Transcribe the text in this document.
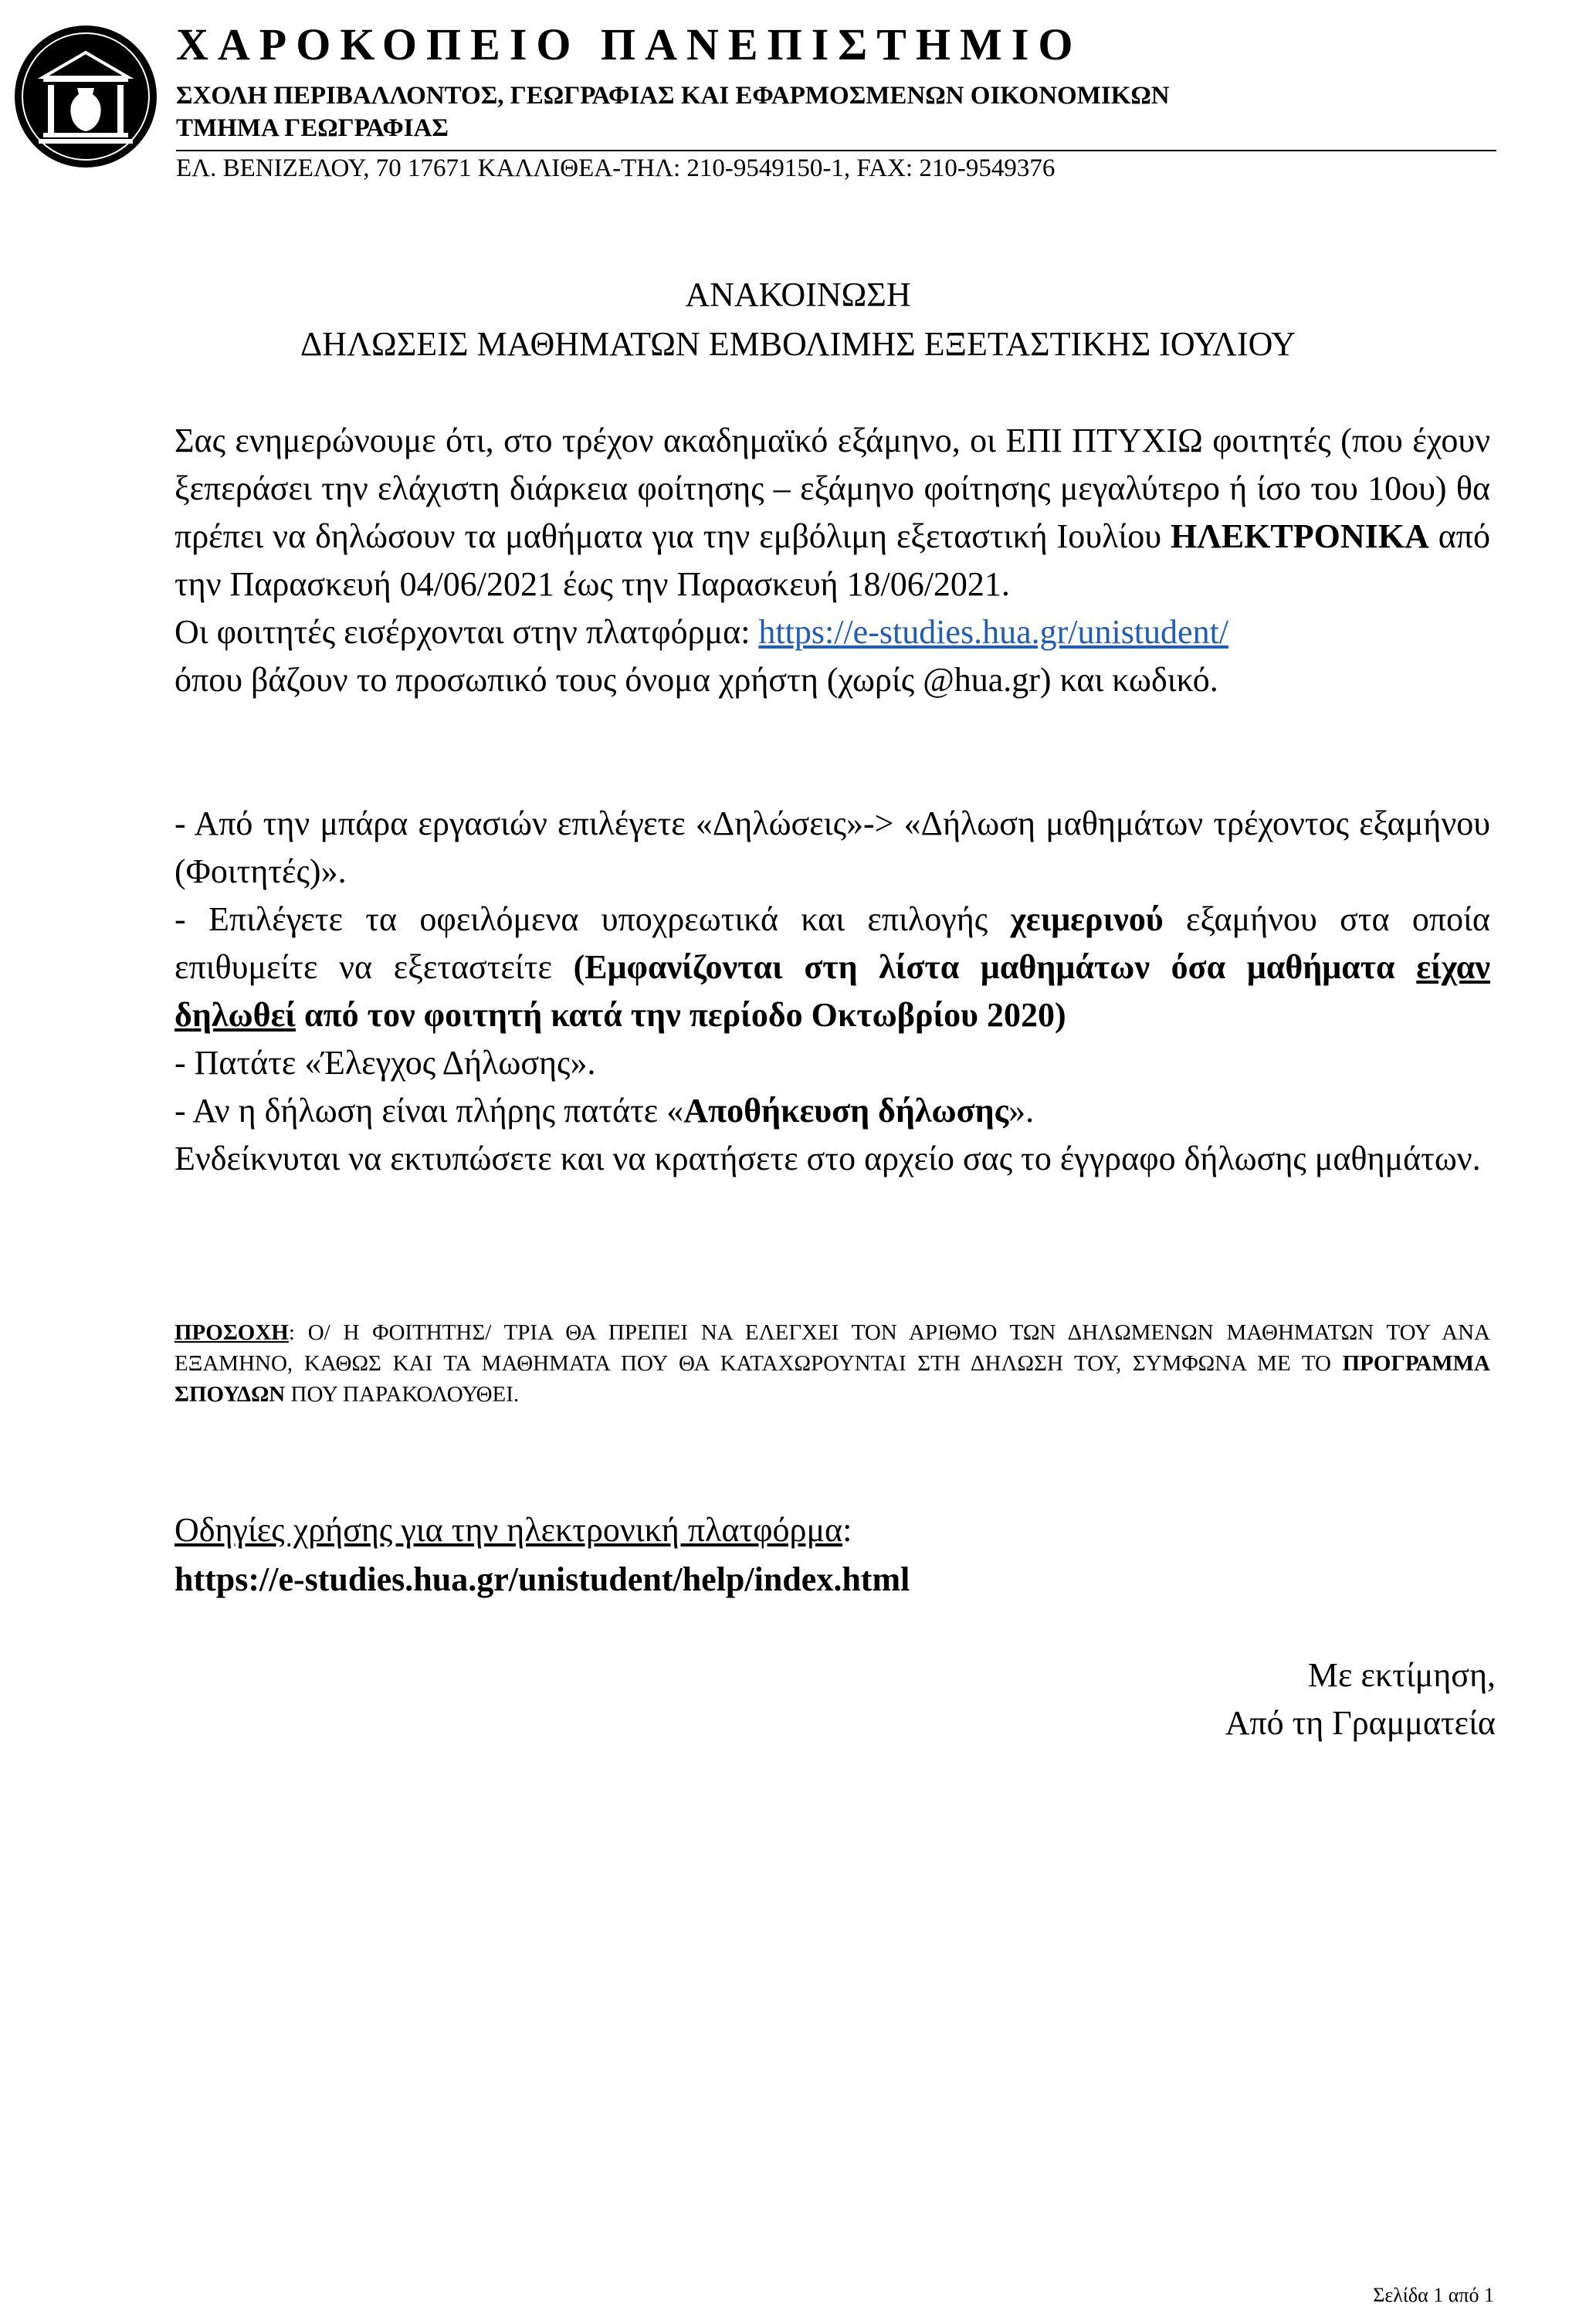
ΧΑΡΟΚΟΠΕΙΟ ΠΑΝΕΠΙΣΤΗΜΙΟ
ΣΧΟΛΗ ΠΕΡΙΒΑΛΛΟΝΤΟΣ, ΓΕΩΓΡΑΦΙΑΣ ΚΑΙ ΕΦΑΡΜΟΣΜΕΝΩΝ ΟΙΚΟΝΟΜΙΚΩΝ
ΤΜΗΜΑ ΓΕΩΓΡΑΦΙΑΣ
ΕΛ. ΒΕΝΙΖΕΛΟΥ, 70 17671 ΚΑΛΛΙΘΕΑ-ΤΗΛ: 210-9549150-1, FAX: 210-9549376
ΑΝΑΚΟΙΝΩΣΗ
ΔΗΛΩΣΕΙΣ ΜΑΘΗΜΑΤΩΝ ΕΜΒΟΛΙΜΗΣ ΕΞΕΤΑΣΤΙΚΗΣ ΙΟΥΛΙΟΥ

Σας ενημερώνουμε ότι, στο τρέχον ακαδημαϊκό εξάμηνο, οι ΕΠΙ ΠΤΥΧΙΩ φοιτητές (που έχουν ξεπεράσει την ελάχιστη διάρκεια φοίτησης – εξάμηνο φοίτησης μεγαλύτερο ή ίσο του 10ου) θα πρέπει να δηλώσουν τα μαθήματα για την εμβόλιμη εξεταστική Ιουλίου ΗΛΕΚΤΡΟΝΙΚΑ από την Παρασκευή 04/06/2021 έως την Παρασκευή 18/06/2021.

Οι φοιτητές εισέρχονται στην πλατφόρμα: https://e-studies.hua.gr/unistudent/

όπου βάζουν το προσωπικό τους όνομα χρήστη (χωρίς @hua.gr) και κωδικό.

- Από την μπάρα εργασιών επιλέγετε «Δηλώσεις»-> «Δήλωση μαθημάτων τρέχοντος εξαμήνου (Φοιτητές)».

- Επιλέγετε τα οφειλόμενα υποχρεωτικά και επιλογής χειμερινού εξαμήνου στα οποία επιθυμείτε να εξεταστείτε (Εμφανίζονται στη λίστα μαθημάτων όσα μαθήματα είχαν δηλωθεί από τον φοιτητή κατά την περίοδο Οκτωβρίου 2020)

- Πατάτε «Έλεγχος Δήλωσης».

- Αν η δήλωση είναι πλήρης πατάτε «Αποθήκευση δήλωσης».

Ενδείκνυται να εκτυπώσετε και να κρατήσετε στο αρχείο σας το έγγραφο δήλωσης μαθημάτων.

ΠΡΟΣΟΧΗ: Ο/ Η ΦΟΙΤΗΤΗΣ/ ΤΡΙΑ ΘΑ ΠΡΕΠΕΙ ΝΑ ΕΛΕΓΧΕΙ ΤΟΝ ΑΡΙΘΜΟ ΤΩΝ ΔΗΛΩΜΕΝΩΝ ΜΑΘΗΜΑΤΩΝ ΤΟΥ ΑΝΑ ΕΞΑΜΗΝΟ, ΚΑΘΩΣ ΚΑΙ ΤΑ ΜΑΘΗΜΑΤΑ ΠΟΥ ΘΑ ΚΑΤΑΧΩΡΟΥΝΤΑΙ ΣΤΗ ΔΗΛΩΣΗ ΤΟΥ, ΣΥΜΦΩΝΑ ΜΕ ΤΟ ΠΡΟΓΡΑΜΜΑ ΣΠΟΥΔΩΝ ΠΟΥ ΠΑΡΑΚΟΛΟΥΘΕΙ.
Οδηγίες χρήσης για την ηλεκτρονική πλατφόρμα:
https://e-studies.hua.gr/unistudent/help/index.html
Με εκτίμηση,
Από τη Γραμματεία
Σελίδα 1 από 1
